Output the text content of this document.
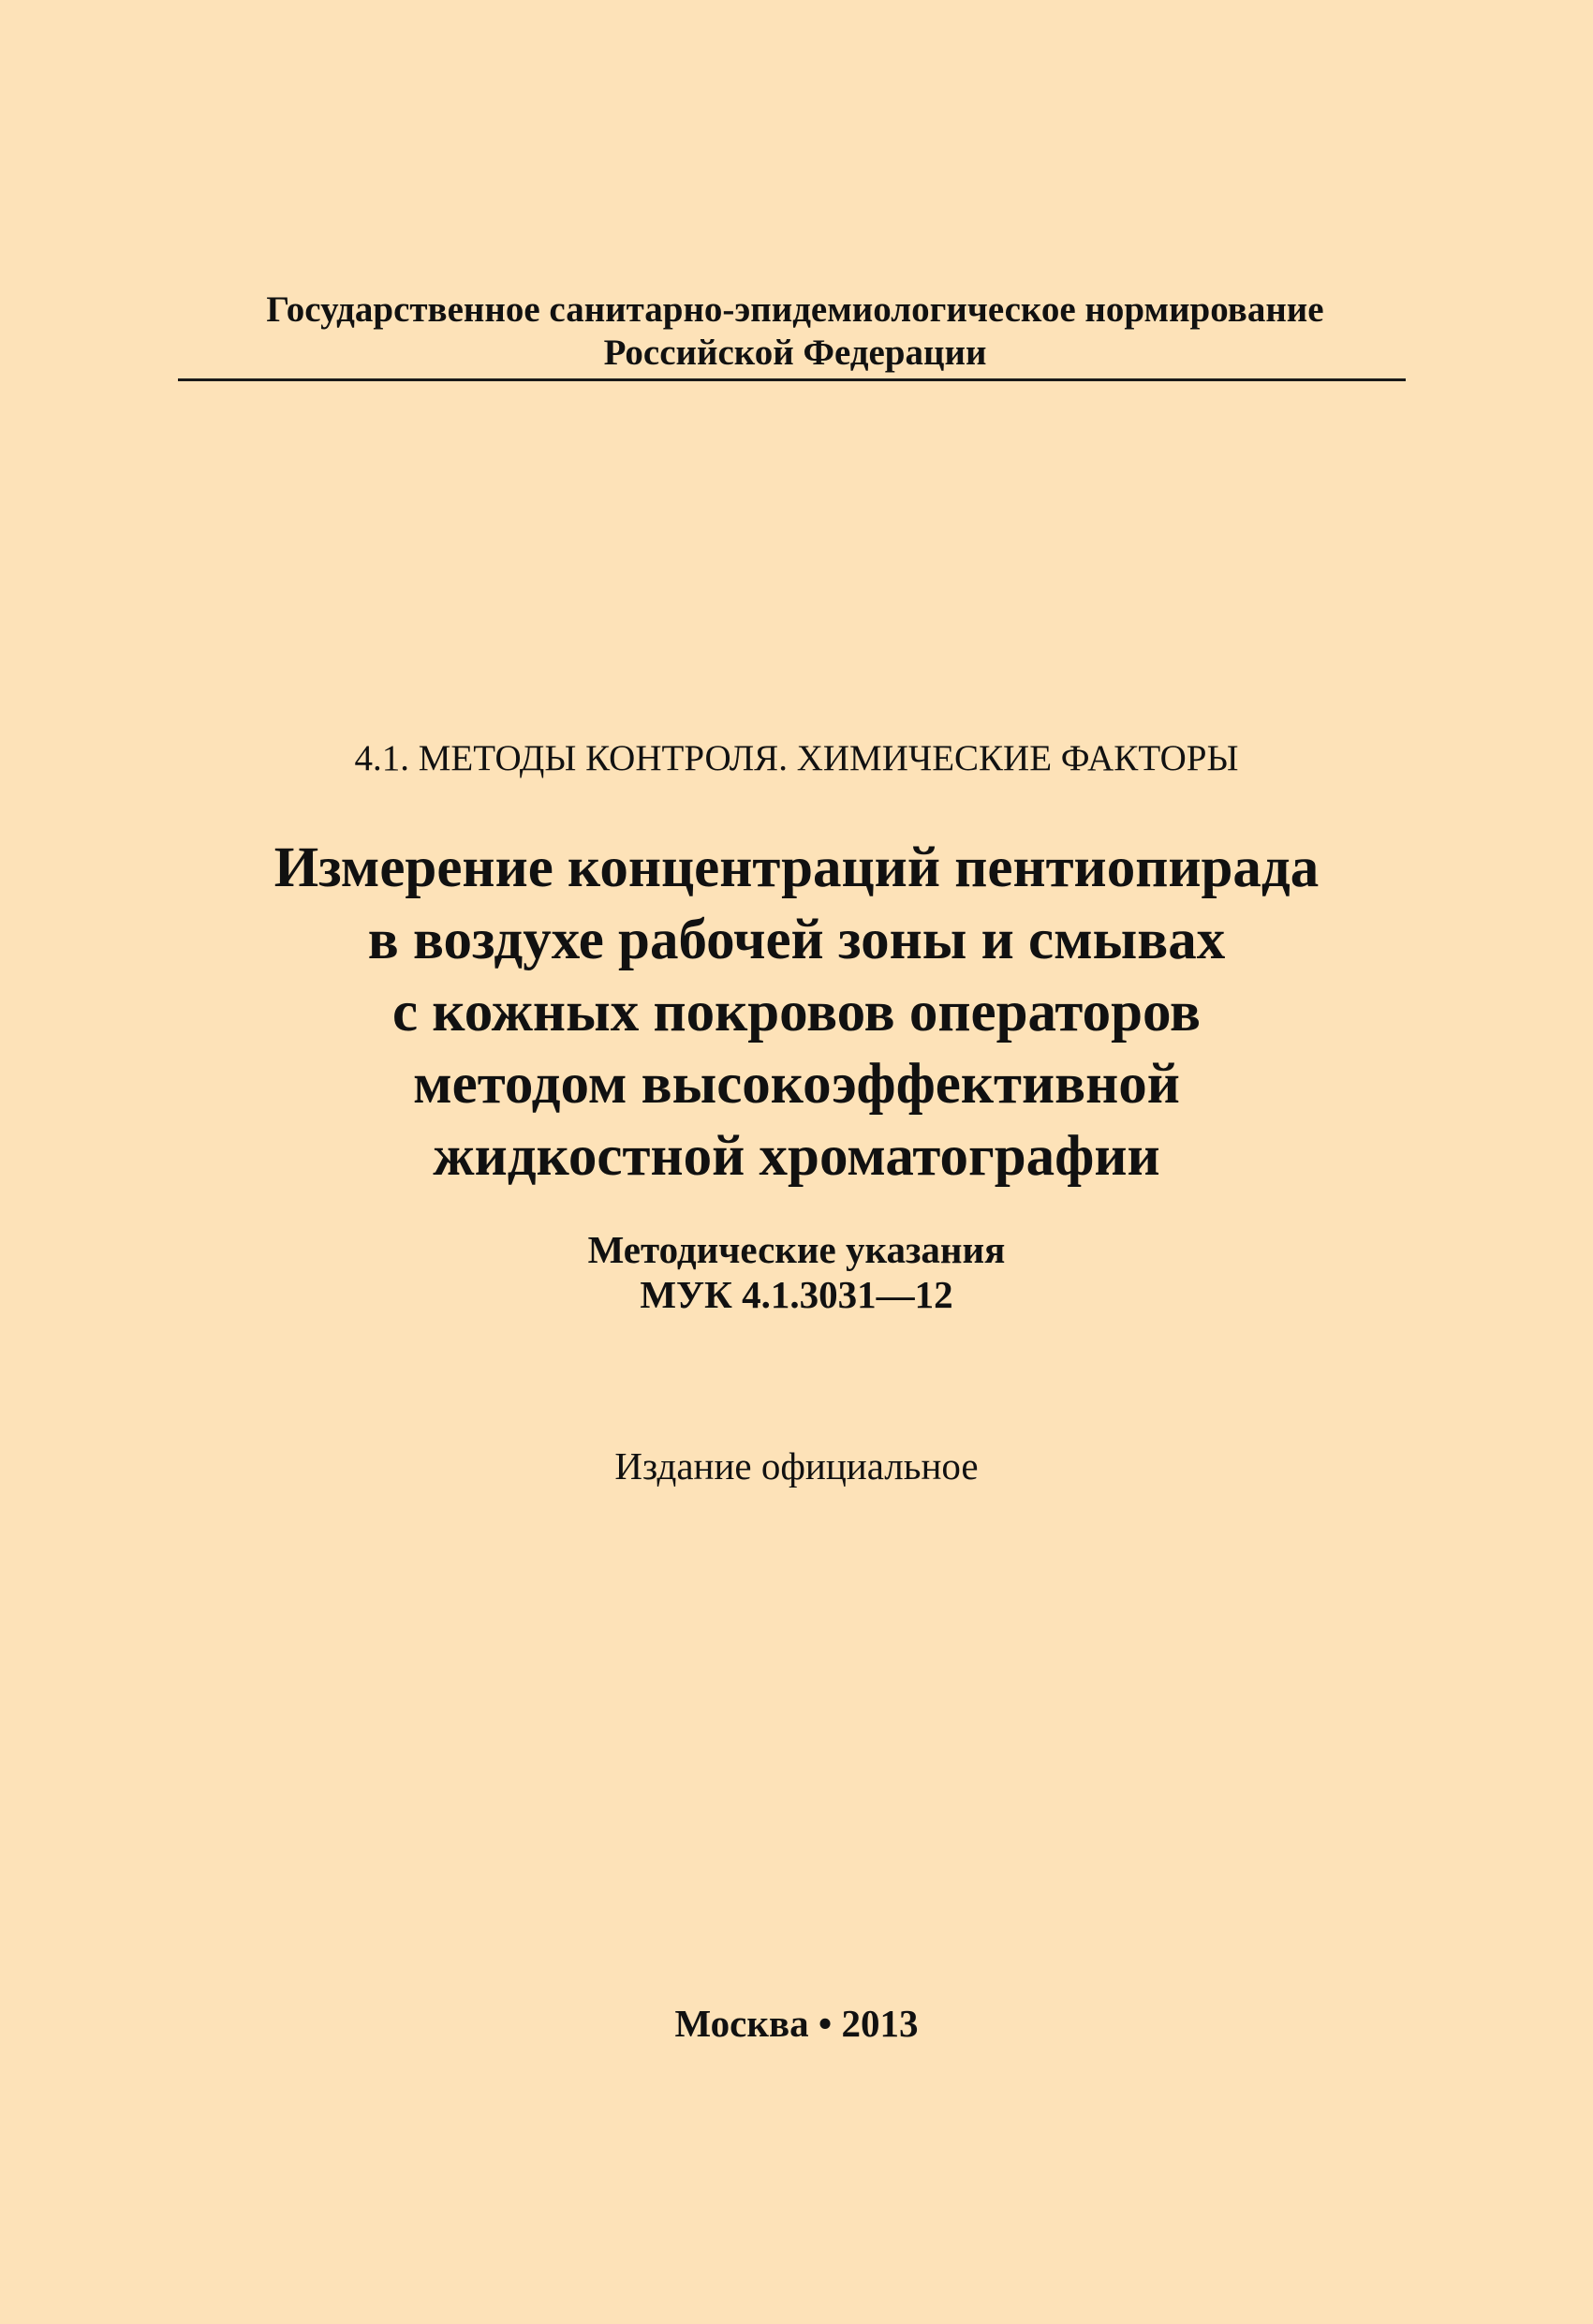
Государственное санитарно-эпидемиологическое нормирование
Российской Федерации
4.1. МЕТОДЫ КОНТРОЛЯ. ХИМИЧЕСКИЕ ФАКТОРЫ
Измерение концентраций пентиопирада
в воздухе рабочей зоны и смывах
с кожных покровов операторов
методом высокоэффективной
жидкостной хроматографии
Методические указания
МУК 4.1.3031—12
Издание официальное
Москва • 2013
